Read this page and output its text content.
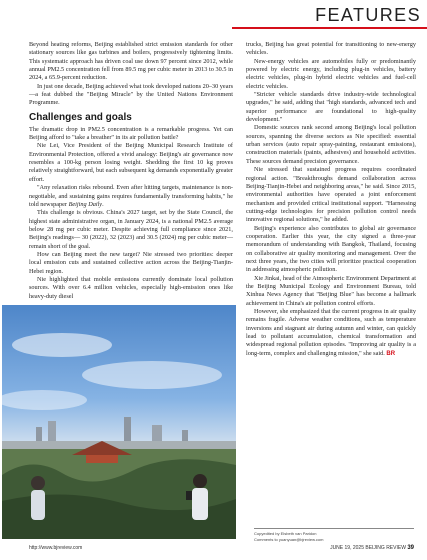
FEATURES

Beyond heating reforms, Beijing established strict emission standards for other stationary sources like gas turbines and boilers, progressively tightening limits. This systematic approach has driven coal use down 97 percent since 2012, while annual PM2.5 concentration fell from 89.5 mg per cubic meter in 2013 to 30.5 in 2024, a 65.9-percent reduction.

In just one decade, Beijing achieved what took developed nations 20–30 years—a feat dubbed the "Beijing Miracle" by the United Nations Environment Programme.

Challenges and goals

The dramatic drop in PM2.5 concentration is a remarkable progress. Yet can Beijing afford to "take a breather" in its air pollution battle?

Nie Lei, Vice President of the Beijing Municipal Research Institute of Environmental Protection, offered a vivid analogy: Beijing's air governance now resembles a 100-kg person losing weight. Shedding the first 10 kg proves relatively straightforward, but each subsequent kg demands exponentially greater effort.

"Any relaxation risks rebound. Even after hitting targets, maintenance is non-negotiable, and sustaining gains requires fundamentally transforming habits," he told newspaper Beijing Daily.

This challenge is obvious. China's 2027 target, set by the State Council, the highest state administrative organ, in January 2024, is a national PM2.5 average below 28 mg per cubic meter. Despite achieving full compliance since 2021, Beijing's readings— 30 (2022), 32 (2023) and 30.5 (2024) mg per cubic meter—remain short of the goal.

How can Beijing meet the new target? Nie stressed two priorities: deeper local emission cuts and sustained collective action across the Beijing-Tianjin-Hebei region.

Nie highlighted that mobile emissions currently dominate local pollution sources. With over 6.4 million vehicles, especially high-emission ones like heavy-duty diesel

trucks, Beijing has great potential for transitioning to new-energy vehicles.

New-energy vehicles are automobiles fully or predominantly powered by electric energy, including plug-in vehicles, battery electric vehicles, plug-in hybrid electric vehicles and fuel-cell electric vehicles.

"Stricter vehicle standards drive industry-wide technological upgrades," he said, adding that "high standards, advanced tech and superior performance are foundational to high-quality development."

Domestic sources rank second among Beijing's local pollution sources, spanning the diverse sectors as Nie specified: essential urban services (auto repair spray-painting, restaurant emissions), construction materials (paints, adhesives) and household activities. These sources demand precision governance.

Nie stressed that sustained progress requires coordinated regional action. "Breakthroughs demand collaboration across Beijing-Tianjin-Hebei and neighboring areas," he said. Since 2015, environmental authorities have operated a joint enforcement mechanism and provided critical institutional support. "Harnessing cutting-edge technologies for precision pollution control needs innovative regional solutions," he added.

Beijing's experience also contributes to global air governance cooperation. Earlier this year, the city signed a three-year memorandum of understanding with Bangkok, Thailand, focusing on collaborative air quality monitoring and management. Over the next three years, the two cities will prioritize practical cooperation in addressing atmospheric pollution.

Xie Jinkai, head of the Atmospheric Environment Department at the Beijing Municipal Ecology and Environment Bureau, told Xinhua News Agency that "Beijing Blue" has become a hallmark achievement in China's air pollution control efforts.

However, she emphasized that the current progress in air quality remains fragile. Adverse weather conditions, such as temperature inversions and stagnant air during autumn and winter, can quickly lead to pollutant accumulation, chemical transformation and widespread regional pollution episodes. "Improving air quality is a long-term, complex and challenging mission," she said. BR

Copyedited by Elsbeth van Paridon
Comments to yuanyuan@bjreview.com
http://www.bjreview.com	JUNE 19, 2025 BEIJING REVIEW 39
